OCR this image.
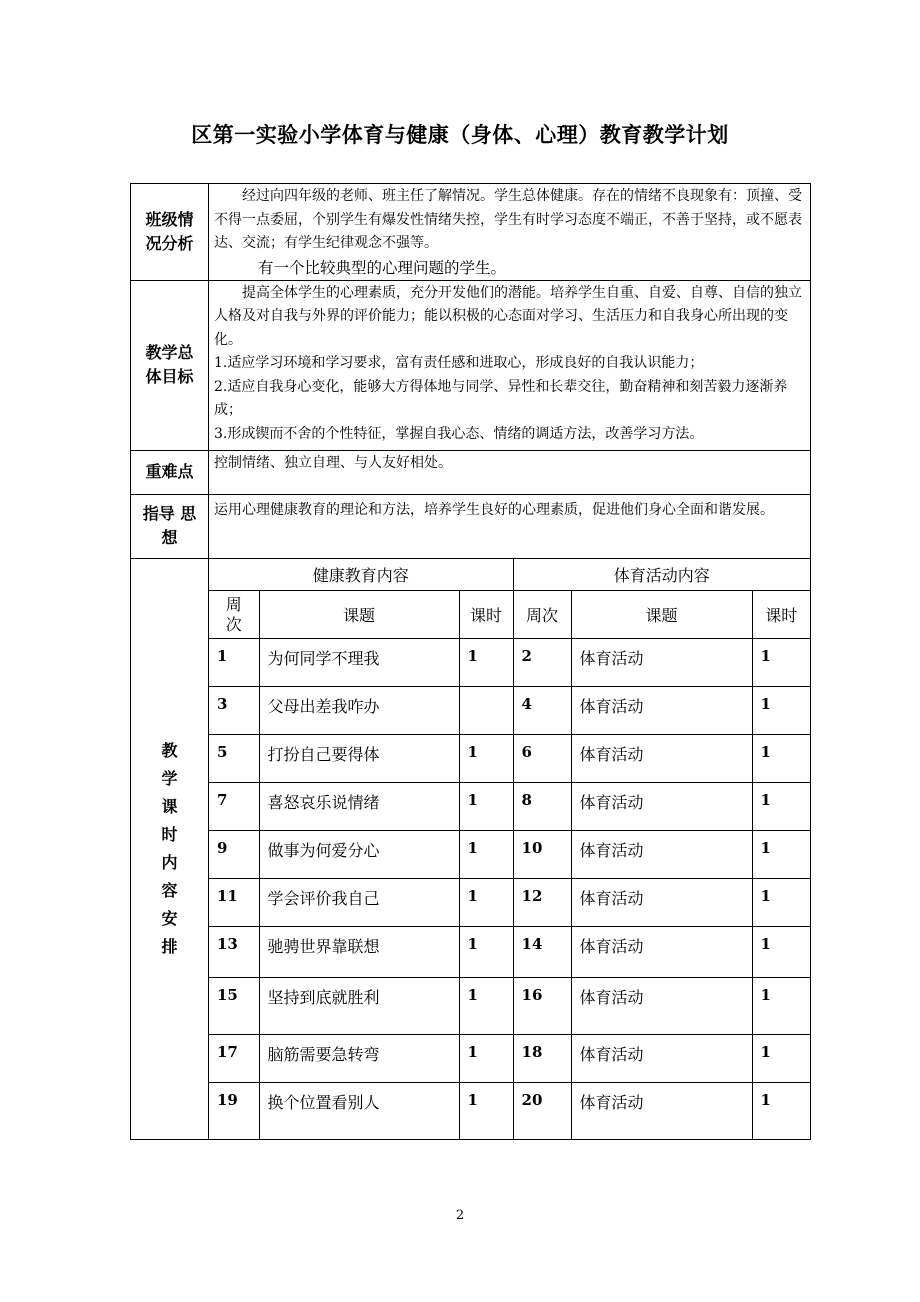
区第一实验小学体育与健康（身体、心理）教育教学计划
班级情
况分析

经过向四年级的老师、班主任了解情况。学生总体健康。存在的情绪不良现象有：顶撞、受不得一点委屈，个别学生有爆发性情绪失控，学生有时学习态度不端正，不善于坚持，或不愿表达、交流；有学生纪律观念不强等。

有一个比较典型的心理问题的学生。

教学总
体目标

提高全体学生的心理素质，充分开发他们的潜能。培养学生自重、自爱、自尊、自信的独立人格及对自我与外界的评价能力；能以积极的心态面对学习、生活压力和自我身心所出现的变化。

1.适应学习环境和学习要求，富有责任感和进取心，形成良好的自我认识能力；

2.适应自我身心变化，能够大方得体地与同学、异性和长辈交往，勤奋精神和刻苦毅力逐渐养成；

3.形成锲而不舍的个性特征，掌握自我心态、情绪的调适方法，改善学习方法。

重难点	控制情绪、独立自理、与人友好相处。

指导 思
想
	运用心理健康教育的理论和方法，培养学生良好的心理素质，促进他们身心全面和谐发展。

教
学
课
时
内
容
安
排

健康教育内容	体育活动内容

周
次	课题	课时	周次	课题	课时
1	为何同学不理我	1	2	体育活动	1
3	父母出差我咋办		4	体育活动	1
5	打扮自己要得体	1	6	体育活动	1
7	喜怒哀乐说情绪	1	8	体育活动	1
9	做事为何爱分心	1	10	体育活动	1
11	学会评价我自己	1	12	体育活动	1
13	驰骋世界靠联想	1	14	体育活动	1
15	坚持到底就胜利	1	16	体育活动	1
17	脑筋需要急转弯	1	18	体育活动	1
19	换个位置看别人	1	20	体育活动	1
2
